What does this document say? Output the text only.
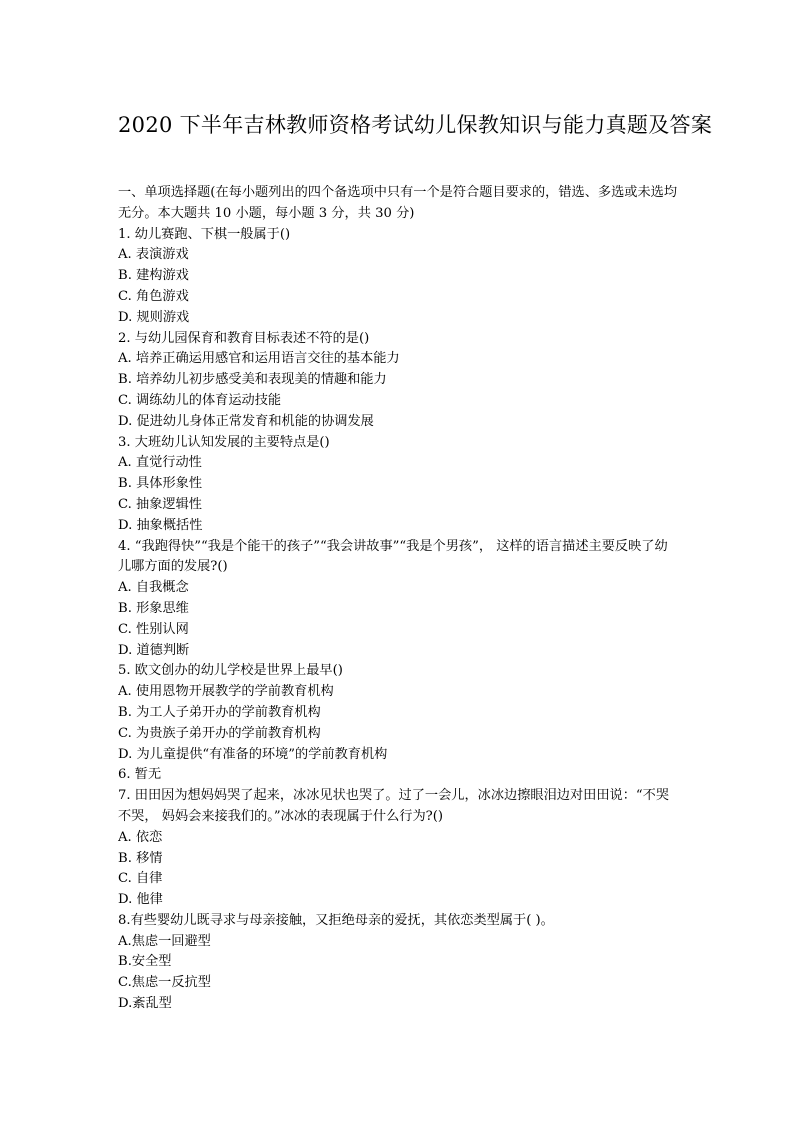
2020 下半年吉林教师资格考试幼儿保教知识与能力真题及答案
一、单项选择题(在每小题列出的四个备选项中只有一个是符合题目要求的，错选、多选或未选均无分。本大题共 10 小题，每小题 3 分，共 30 分)
1. 幼儿赛跑、下棋一般属于()
A. 表演游戏
B. 建构游戏
C. 角色游戏
D. 规则游戏
2. 与幼儿园保育和教育目标表述不符的是()
A. 培养正确运用感官和运用语言交往的基本能力
B. 培养幼儿初步感受美和表现美的情趣和能力
C. 调练幼儿的体育运动技能
D. 促进幼儿身体正常发育和机能的协调发展
3. 大班幼儿认知发展的主要特点是()
A. 直觉行动性
B. 具体形象性
C. 抽象逻辑性
D. 抽象概括性
4. “我跑得快”“我是个能干的孩子”“我会讲故事”“我是个男孩”， 这样的语言描述主要反映了幼儿哪方面的发展?()
A. 自我概念
B. 形象思维
C. 性别认网
D. 道德判断
5. 欧文创办的幼儿学校是世界上最早()
A. 使用恩物开展教学的学前教育机构
B. 为工人子弟开办的学前教育机构
C. 为贵族子弟开办的学前教育机构
D. 为儿童提供“有准备的环境”的学前教育机构
6. 暂无
7. 田田因为想妈妈哭了起来，冰冰见状也哭了。过了一会儿，冰冰边擦眼泪边对田田说：“不哭不哭， 妈妈会来接我们的。”冰冰的表现属于什么行为?()
A. 依恋
B. 移情
C. 自律
D. 他律
8.有些婴幼儿既寻求与母亲接触，又拒绝母亲的爱抚，其依恋类型属于( )。
A.焦虑一回避型
B.安全型
C.焦虑一反抗型
D.紊乱型
